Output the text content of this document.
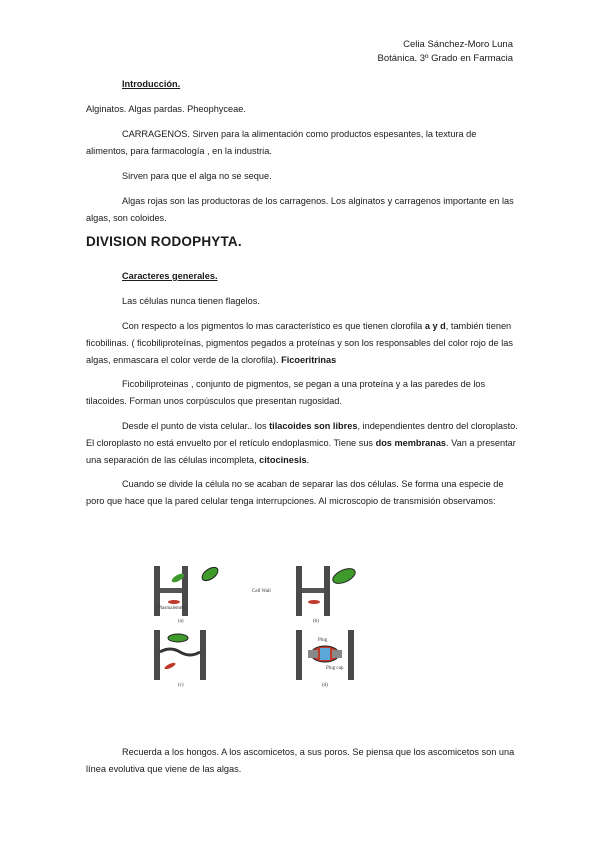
Celia Sánchez-Moro Luna
Botánica. 3º Grado en Farmacia
Introducción.
Alginatos. Algas pardas. Pheophyceae.
CARRAGENOS. Sirven para la alimentación como productos espesantes, la textura de alimentos, para farmacología , en la industria.
Sirven para que el alga no se seque.
Algas rojas son las productoras de los carragenos. Los alginatos y carragenos importante en las algas, son coloides.
DIVISION RODOPHYTA.
Caracteres generales.
Las células nunca tienen flagelos.
Con respecto a los pigmentos lo mas característico es que tienen clorofila a y d, también tienen ficobilinas. ( ficobiliproteínas, pigmentos pegados a proteínas y son los responsables del color rojo de las algas, enmascara el color verde de la clorofila). Ficoeritrinas
Ficobiliproteinas , conjunto de pigmentos, se pegan a una proteína y a las paredes de los tilacoides. Forman unos corpúsculos que presentan rugosidad.
Desde el punto de vista celular.. los tilacoides son libres, independientes dentro del cloroplasto. El cloroplasto no está envuelto por el retículo endoplasmico. Tiene sus dos membranas. Van a presentar una separación de las células incompleta, citocinesis.
Cuando se divide la célula no se acaban de separar las dos células. Se forma una especie de poro que hace que la pared celular tenga interrupciones. Al microscopio de transmisión observamos:
Plasmalemma
(a)
Cell Wall
(b)
(c)
Plug
Plug cap
(d)
Recuerda a los hongos. A los ascomicetos, a sus poros. Se piensa que los ascomicetos son una línea evolutiva que viene de las algas.
